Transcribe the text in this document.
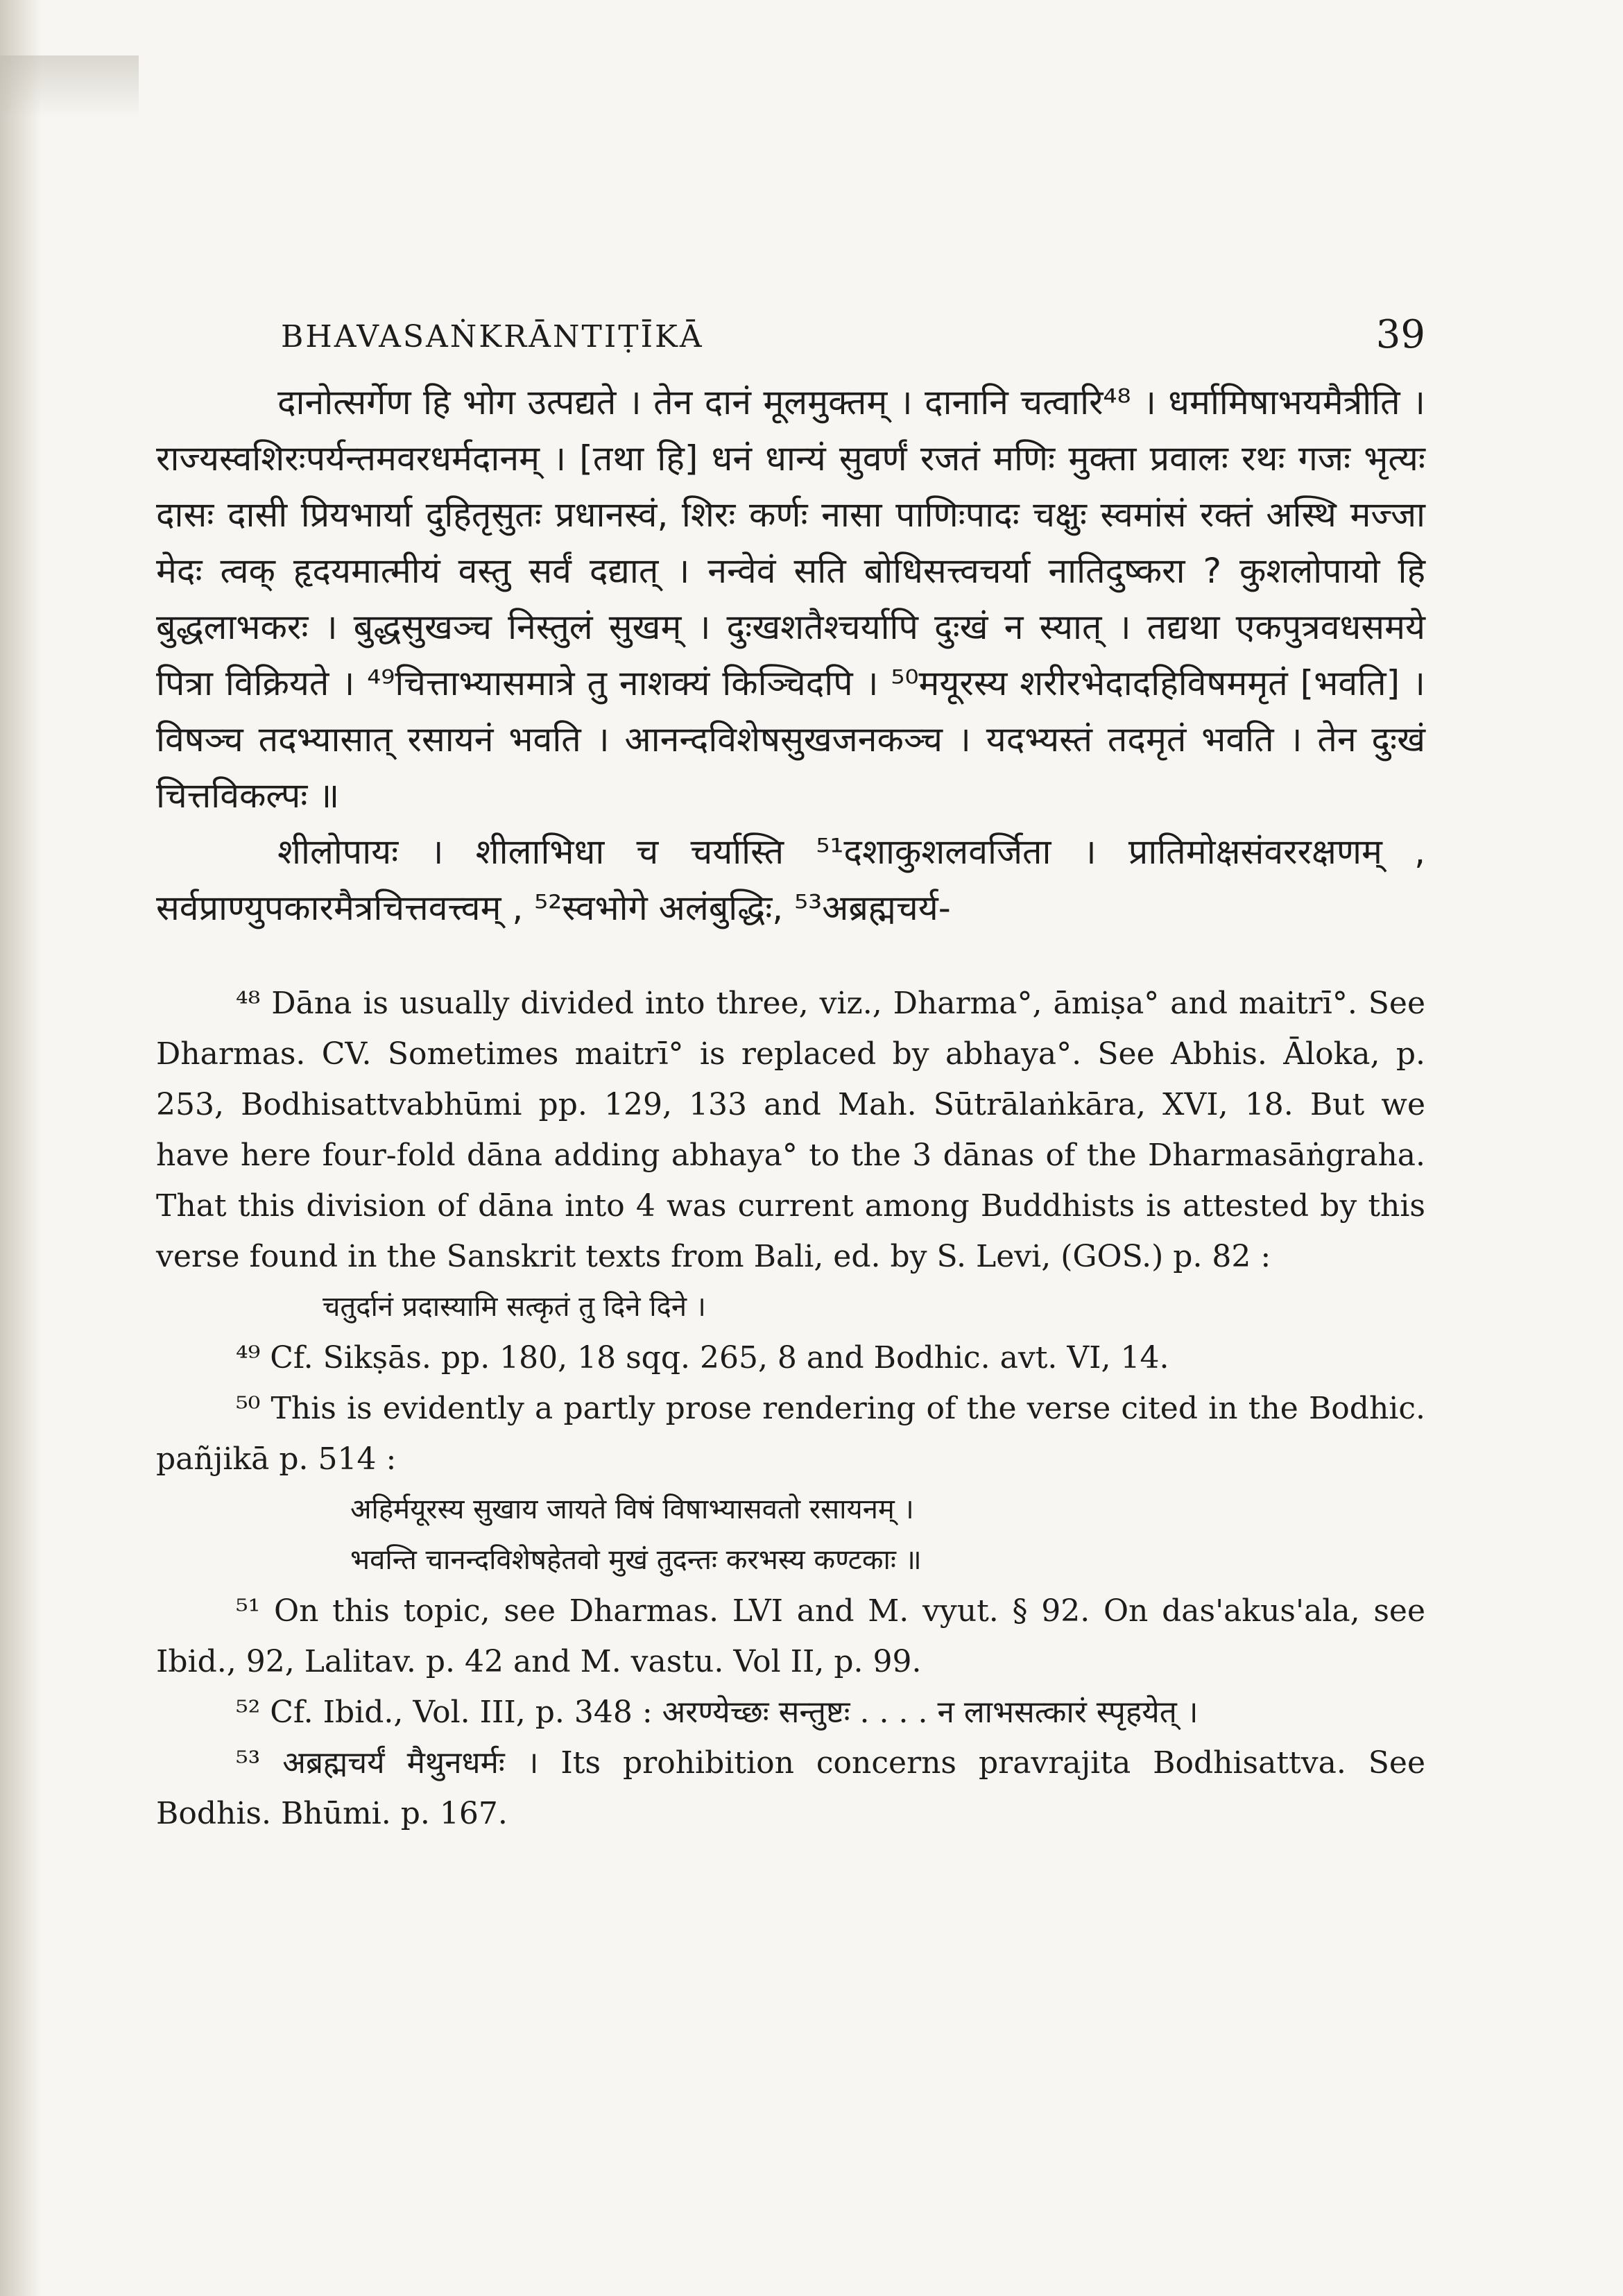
BHAVASAṄKRĀNTIṬĪKĀ	39

दानोत्सर्गेण हि भोग उत्पद्यते । तेन दानं मूलमुक्तम् । दानानि चत्वारि⁴⁸ । धर्मामिषाभयमैत्रीति । राज्यस्वशिरःपर्यन्तमवरधर्मदानम् । [तथा हि] धनं धान्यं सुवर्णं रजतं मणिः मुक्ता प्रवालः रथः गजः भृत्यः दासः दासी प्रियभार्या दुहितृसुतः प्रधानस्वं, शिरः कर्णः नासा पाणिःपादः चक्षुः स्वमांसं रक्तं अस्थि मज्जा मेदः त्वक् हृदयमात्मीयं वस्तु सर्वं दद्यात् । नन्वेवं सति बोधिसत्त्वचर्या नातिदुष्करा ? कुशलोपायो हि बुद्धलाभकरः । बुद्धसुखञ्च निस्तुलं सुखम् । दुःखशतैश्चर्यापि दुःखं न स्यात् । तद्यथा एकपुत्रवधसमये पित्रा विक्रियते । ⁴⁹चित्ताभ्यासमात्रे तु नाशक्यं किञ्चिदपि । ⁵⁰मयूरस्य शरीरभेदादहिविषममृतं [भवति] । विषञ्च तदभ्यासात् रसायनं भवति । आनन्दविशेषसुखजनकञ्च । यदभ्यस्तं तदमृतं भवति । तेन दुःखं चित्तविकल्पः ॥

शीलोपायः । शीलाभिधा च चर्यास्ति ⁵¹दशाकुशलवर्जिता । प्रातिमोक्षसंवररक्षणम् , सर्वप्राण्युपकारमैत्रचित्तवत्त्वम् , ⁵²स्वभोगे अलंबुद्धिः, ⁵³अब्रह्मचर्य-

⁴⁸ Dāna is usually divided into three, viz., Dharma°, āmiṣa° and maitrī°. See Dharmas. CV. Sometimes maitrī° is replaced by abhaya°. See Abhis. Āloka, p. 253, Bodhisattvabhūmi pp. 129, 133 and Mah. Sūtrālaṅkāra, XVI, 18. But we have here four-fold dāna adding abhaya° to the 3 dānas of the Dharmasāṅgraha. That this division of dāna into 4 was current among Buddhists is attested by this verse found in the Sanskrit texts from Bali, ed. by S. Levi, (GOS.) p. 82 :

चतुर्दानं प्रदास्यामि सत्कृतं तु दिने दिने ।

⁴⁹ Cf. Sikṣās. pp. 180, 18 sqq. 265, 8 and Bodhic. avt. VI, 14.

⁵⁰ This is evidently a partly prose rendering of the verse cited in the Bodhic. pañjikā p. 514 :

अहिर्मयूरस्य सुखाय जायते विषं विषाभ्यासवतो रसायनम् ।

भवन्ति चानन्दविशेषहेतवो मुखं तुदन्तः करभस्य कण्टकाः ॥

⁵¹ On this topic, see Dharmas. LVI and M. vyut. § 92. On das'akus'ala, see Ibid., 92, Lalitav. p. 42 and M. vastu. Vol II, p. 99.

⁵² Cf. Ibid., Vol. III, p. 348 : अरण्येच्छः सन्तुष्टः . . . . न लाभसत्कारं स्पृहयेत् ।

⁵³ अब्रह्मचर्यं मैथुनधर्मः । Its prohibition concerns pravrajita Bodhisattva. See Bodhis. Bhūmi. p. 167.
